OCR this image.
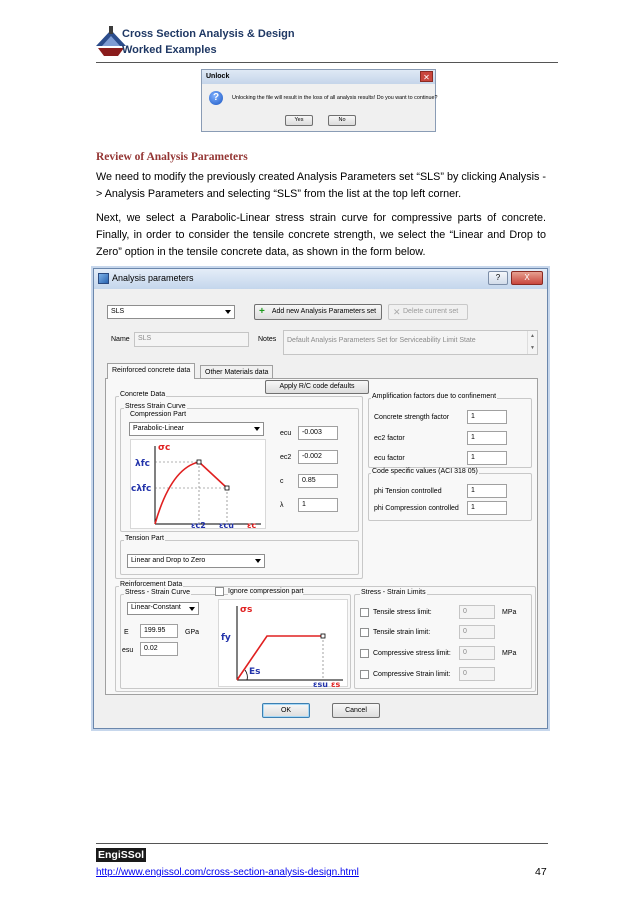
Cross Section Analysis & Design
Worked Examples
Unlock	✕
?	Unlocking the file will result in the loss of all analysis results! Do you want to continue?
Yes	No
Review of Analysis Parameters
We need to modify the previously created Analysis Parameters set “SLS” by clicking Analysis -> Analysis Parameters and selecting “SLS” from the list at the top left corner.
Next, we select a Parabolic-Linear stress strain curve for compressive parts of concrete. Finally, in order to consider the tensile concrete strength, we select the “Linear and Drop to Zero” option in the tensile concrete data, as shown in the form below.
Analysis parameters	?	X
SLS	+ Add new Analysis Parameters set	✕ Delete current set
Name	SLS	Notes	Default Analysis Parameters Set for Serviceability Limit State
▲
▼
Reinforced concrete data	Other Materials data
Apply R/C code defaults
Concrete Data
Stress Strain Curve
Compression Part
Parabolic-Linear
σc
λfc
cλfc
εc2 εcu εc
ecu	-0.003
ec2	-0.002
c	0.85
λ	1
Tension Part
Linear and Drop to Zero
Amplification factors due to confinement
Concrete strength factor	1
ec2 factor	1
ecu factor	1
Code specific values (ACI 318 05)
phi Tension controlled	1
phi Compression controlled	1
Reinforcement Data
Stress - Strain Curve	Ignore compression part
Linear-Constant
E	199.95	GPa
esu	0.02
σs
fy
Es
εsu εs
Stress - Strain Limits
Tensile stress limit:	0	MPa
Tensile strain limit:	0
Compressive stress limit:	0	MPa
Compressive Strain limit:	0
OK	Cancel
EngiSSol
http://www.engissol.com/cross-section-analysis-design.html	47
